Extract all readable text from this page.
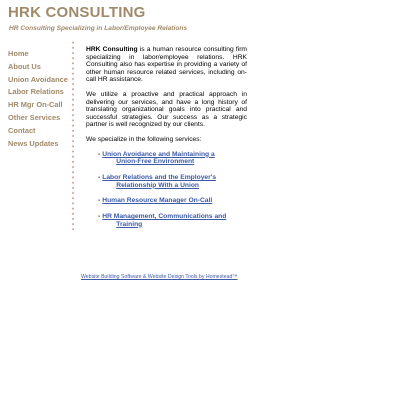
HRK CONSULTING
HR Consulting Specializing in Labor/Employee Relations
Home
About Us
Union Avoidance
Labor Relations
HR Mgr On-Call
Other Services
Contact
News Updates

HRK Consulting is a human resource consulting firm specializing in labor/employee relations. HRK Consulting also has expertise in providing a variety of other human resource related services, including on-call HR assistance.

We utilize a proactive and practical approach in delivering our services, and have a long history of translating organizational goals into practical and successful strategies. Our success as a strategic partner is well recognized by our clients.

We specialize in the following services:

- Union Avoidance and Maintaining a
Union-Free Environment
- Labor Relations and the Employer's
Relationship With a Union
- Human Resource Manager On-Call
- HR Management, Communications and
Training
Website Building Software & Website Design Tools by Homestead™
